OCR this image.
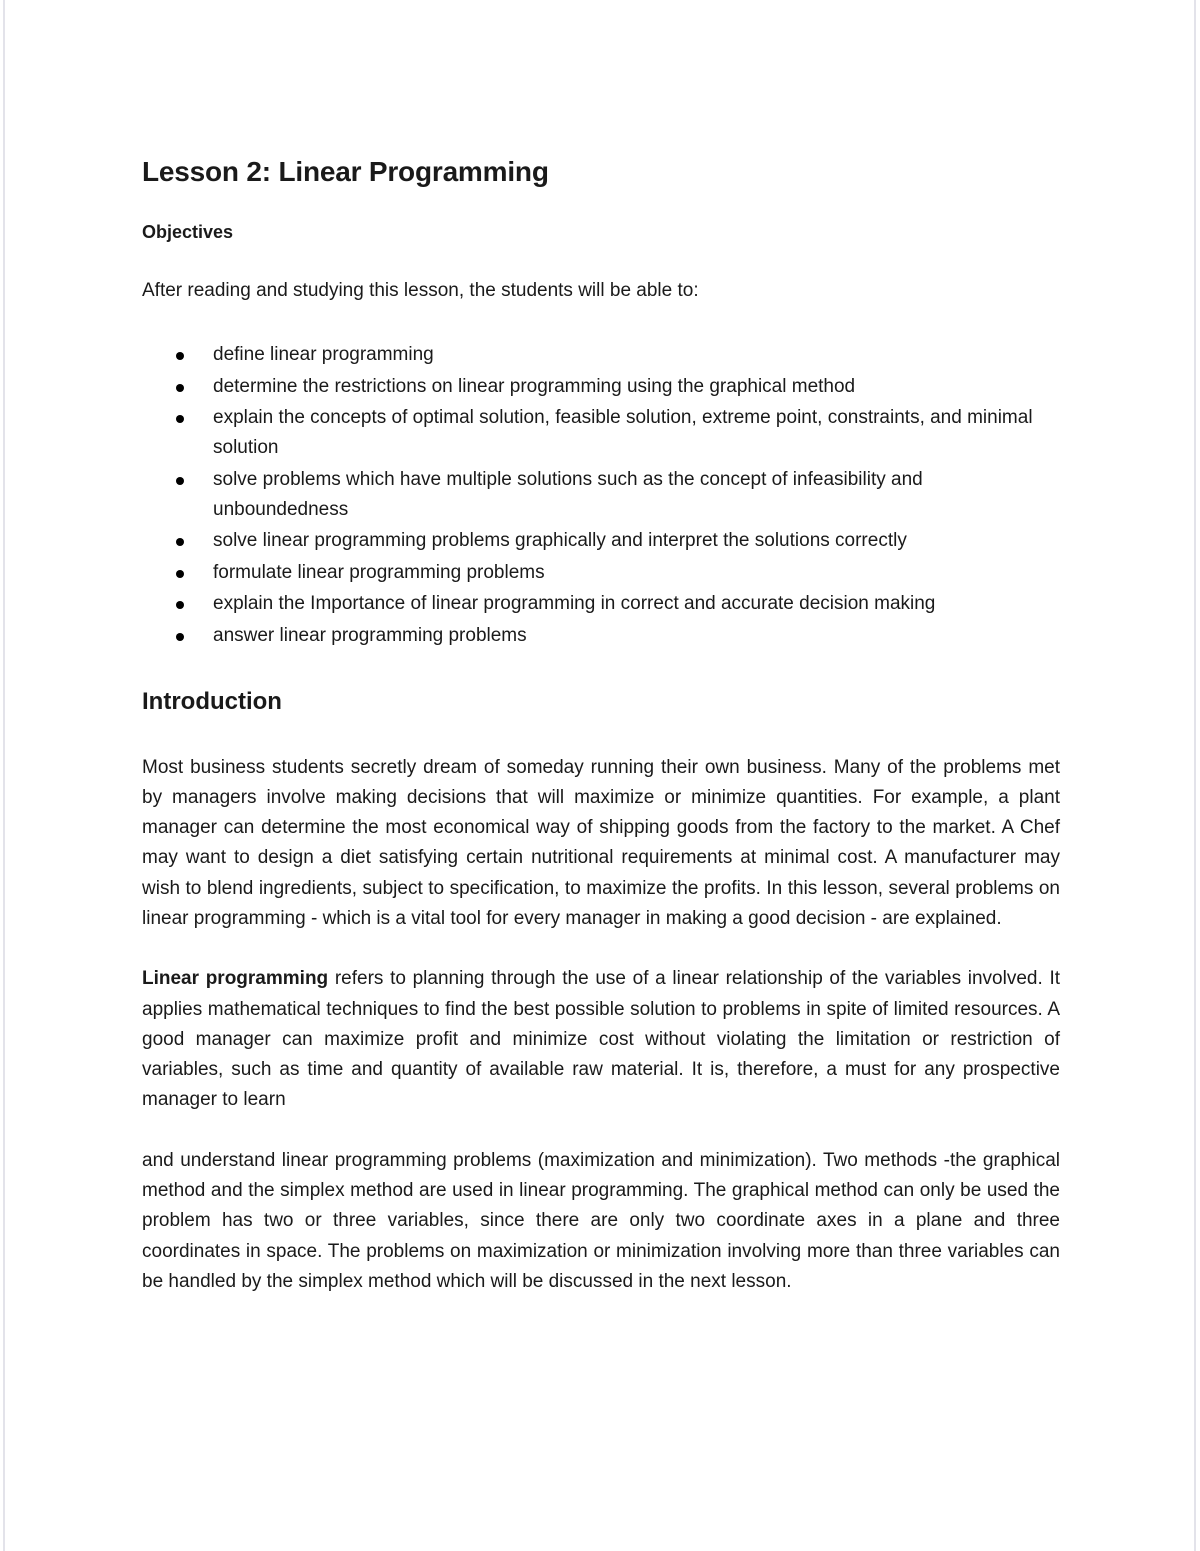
Lesson 2: Linear Programming
Objectives

After reading and studying this lesson, the students will be able to:

define linear programming
determine the restrictions on linear programming using the graphical method
explain the concepts of optimal solution, feasible solution, extreme point, constraints, and minimal solution
solve problems which have multiple solutions such as the concept of infeasibility and unboundedness
solve linear programming problems graphically and interpret the solutions correctly
formulate linear programming problems
explain the Importance of linear programming in correct and accurate decision making
answer linear programming problems
Introduction

Most business students secretly dream of someday running their own business. Many of the problems met by managers involve making decisions that will maximize or minimize quantities. For example, a plant manager can determine the most economical way of shipping goods from the factory to the market. A Chef may want to design a diet satisfying certain nutritional requirements at minimal cost. A manufacturer may wish to blend ingredients, subject to specification, to maximize the profits. In this lesson, several problems on linear programming - which is a vital tool for every manager in making a good decision - are explained.

Linear programming refers to planning through the use of a linear relationship of the variables involved. It applies mathematical techniques to find the best possible solution to problems in spite of limited resources. A good manager can maximize profit and minimize cost without violating the limitation or restriction of variables, such as time and quantity of available raw material. It is, therefore, a must for any prospective manager to learn

and understand linear programming problems (maximization and minimization). Two methods -the graphical method and the simplex method are used in linear programming. The graphical method can only be used the problem has two or three variables, since there are only two coordinate axes in a plane and three coordinates in space. The problems on maximization or minimization involving more than three variables can be handled by the simplex method which will be discussed in the next lesson.
